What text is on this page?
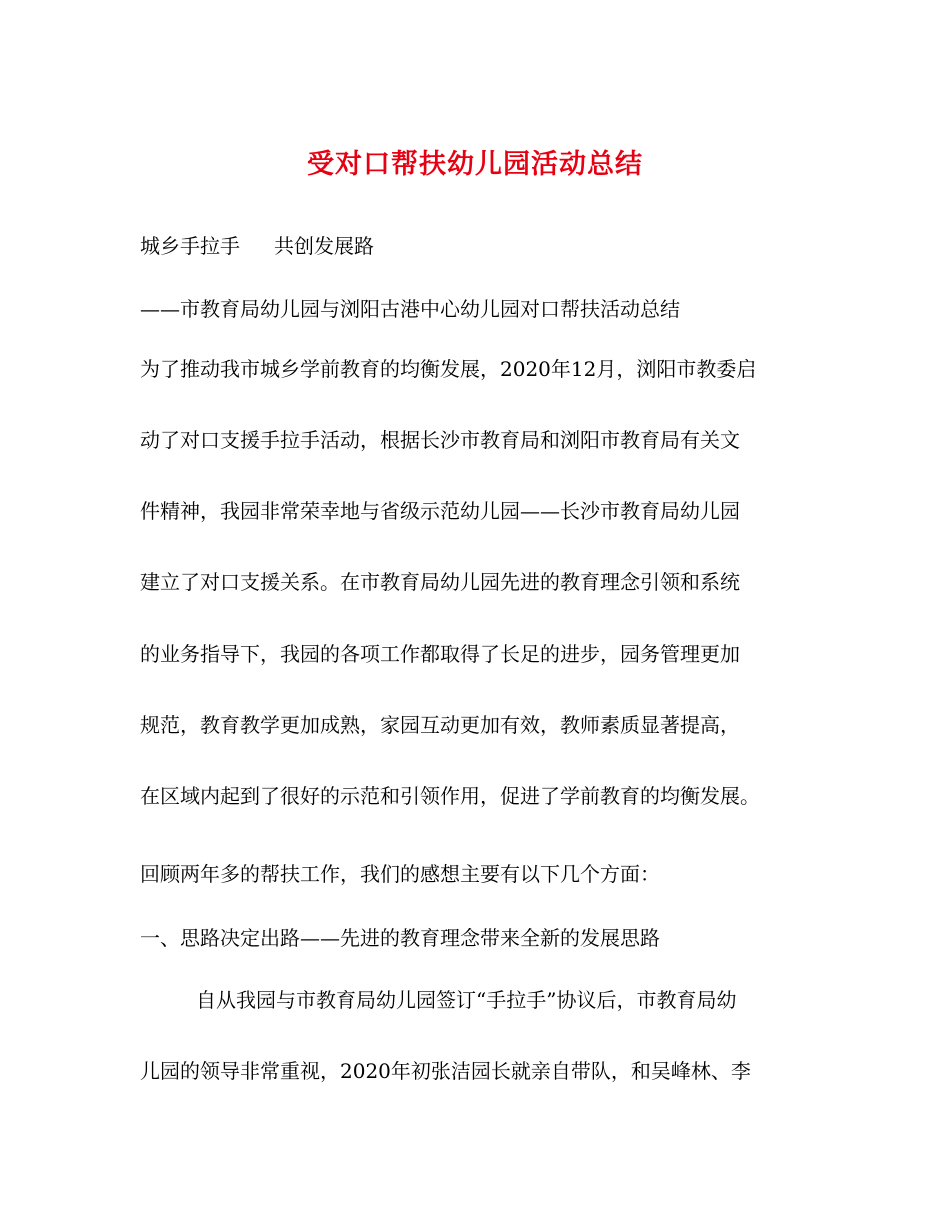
受对口帮扶幼儿园活动总结
城乡手拉手 共创发展路
——市教育局幼儿园与浏阳古港中心幼儿园对口帮扶活动总结
为了推动我市城乡学前教育的均衡发展，2020年12月，浏阳市教委启
动了对口支援手拉手活动，根据长沙市教育局和浏阳市教育局有关文
件精神，我园非常荣幸地与省级示范幼儿园——长沙市教育局幼儿园
建立了对口支援关系。在市教育局幼儿园先进的教育理念引领和系统
的业务指导下，我园的各项工作都取得了长足的进步，园务管理更加
规范，教育教学更加成熟，家园互动更加有效，教师素质显著提高，
在区域内起到了很好的示范和引领作用，促进了学前教育的均衡发展。
回顾两年多的帮扶工作，我们的感想主要有以下几个方面：
一、思路决定出路——先进的教育理念带来全新的发展思路
自从我园与市教育局幼儿园签订“手拉手”协议后，市教育局幼
儿园的领导非常重视，2020年初张洁园长就亲自带队，和吴峰林、李
